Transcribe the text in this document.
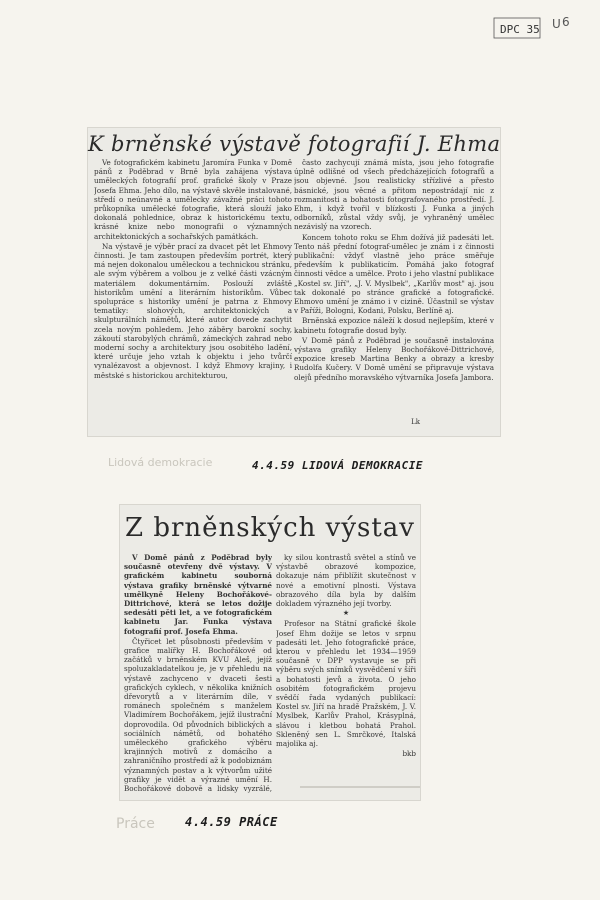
DPC 35 U 6
K brněnské výstavě fotografií J. Ehma

Ve fotografickém kabinetu Jaromíra Funka v Domě pánů z Poděbrad v Brně byla zahájena výstava uměleckých fotografií prof. grafické školy v Praze Josefa Ehma. Jeho dílo, na výstavě skvěle instalované, středí o neúnavné a umělecky závažné práci tohoto průkopníka umělecké fotografie, která slouží jako dokonalá pohlednice, obraz k historickému textu, krásné knize nebo monografii o významných architektonických a sochařských památkách.

Na výstavě je výběr prací za dvacet pět let Ehmovy činnosti. Je tam zastoupen především portrét, který má nejen dokonalou uměleckou a technickou stránku, ale svým výběrem a volbou je z velké části vzácným materiálem dokumentárním. Poslouží zvláště historikům umění a literárním historikům. Vůbec spolupráce s historiky umění je patrna z Ehmovy tematiky: slohových, architektonických a skulpturálních námětů, které autor dovede zachytit zcela novým pohledem. Jeho záběry barokní sochy, zákoutí starobylých chrámů, zámeckých zahrad nebo moderní sochy a architektury jsou osobitého ladění, které určuje jeho vztah k objektu i jeho tvůrčí vynalézavost a objevnost. I když Ehmovy krajiny, i městské s historickou architekturou,

často zachycují známá místa, jsou jeho fotografie úplně odlišné od všech předcházejících fotografů a jsou objevné. Jsou realisticky střízlivé a přesto básnické, jsou věcné a přitom nepostrádají nic z rozmanitosti a bohatosti fotografovaného prostředí. J. Ehm, i když tvořil v blízkosti J. Funka a jiných odborníků, zůstal vždy svůj, je vyhraněný umělec nezávislý na vzorech.

Koncem tohoto roku se Ehm dožívá již padesáti let. Tento náš přední fotograf-umělec je znám i z činnosti publikační: vždyť vlastně jeho práce směřuje především k publikaticím. Pomáhá jako fotograf činnosti vědce a umělce. Proto i jeho vlastní publikace „Kostel sv. Jiří", „J. V. Myslbek", „Karlův most" aj. jsou tak dokonalé po stránce grafické a fotografické. Ehmovo umění je známo i v cizině. Účastnil se výstav v Paříži, Bologni, Kodani, Polsku, Berlíně aj.

Brněnská expozice náleží k dosud nejlepším, které v kabinetu fotografie dosud byly.

V Domě pánů z Poděbrad je současně instalována výstava grafiky Heleny Bochořákové-Dittrichové, expozice kreseb Martina Benky a obrazy a kresby Rudolfa Kučery. V Domě umění se připravuje výstava olejů předního moravského výtvarníka Josefa Jambora.

Lk
Lidová demokracie	4.4.59 LIDOVÁ DEMOKRACIE
Z brněnských výstav

V Domě pánů z Poděbrad byly současně otevřeny dvě výstavy. V grafickém kabinetu souborná výstava grafiky brněnské výtvarné umělkyně Heleny Bochořákové-Dittrichové, která se letos dožije sedesáti pěti let, a ve fotografickém kabinetu Jar. Funka výstava fotografií prof. Josefa Ehma.

Čtyřicet let působnosti především v grafice malířky H. Bochořákové od začátků v brněnském KVU Aleš, jejíž spoluzakladatelkou je, je v přehledu na výstavě zachyceno v dvaceti šesti grafických cyklech, v několika knižních dřevorytů a v literárním díle, v románech společném s manželem Vladimírem Bochořákem, jejíž ilustrační doprovodila. Od původních biblických a sociálních námětů, od bohatého uměleckého grafického výběru krajinných motivů z domácího a zahraničního prostředí až k podobiznám významných postav a k výtvorům užité grafiky je vidět a výrazné umění H. Bochořákové dobově a lidsky vyzrálé,

ky silou kontrastů světel a stínů ve výstavbě obrazové kompozice, dokazuje nám přiblížit skutečnost v nové a emotivní plnosti. Výstava obrazového díla byla by dalším dokladem výrazného její tvorby.

★

Profesor na Státní grafické škole Josef Ehm dožije se letos v srpnu padesáti let. Jeho fotografické práce, kterou v přehledu let 1934—1959 současně v DPP vystavuje se při výběru svých snímků vysvědčení v šíři a bohatosti jevů a života. O jeho osobitém fotografickém projevu svědčí řada vydaných publikací: Kostel sv. Jiří na hradě Pražském, J. V. Myslbek, Karlův Prahol, Krásyplná, slávou i kletbou bohatá Prahol. Skleněný sen L. Smrčkové, Italská majolika aj.

bkb

Práce	4.4.59 PRÁCE
